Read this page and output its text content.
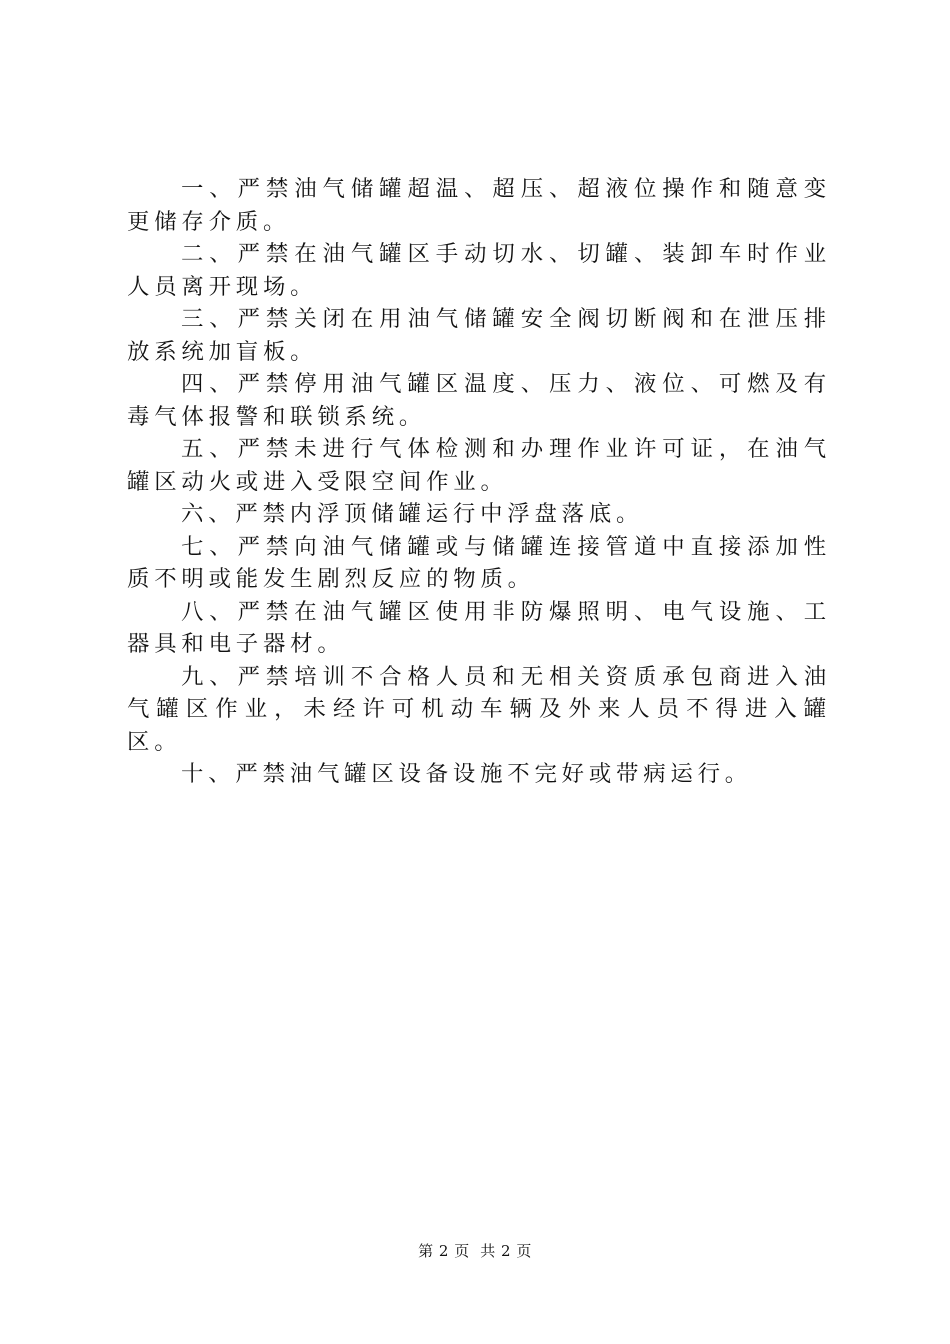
一、严禁油气储罐超温、超压、超液位操作和随意变更储存介质。

二、严禁在油气罐区手动切水、切罐、装卸车时作业人员离开现场。

三、严禁关闭在用油气储罐安全阀切断阀和在泄压排放系统加盲板。

四、严禁停用油气罐区温度、压力、液位、可燃及有毒气体报警和联锁系统。

五、严禁未进行气体检测和办理作业许可证，在油气罐区动火或进入受限空间作业。

六、严禁内浮顶储罐运行中浮盘落底。

七、严禁向油气储罐或与储罐连接管道中直接添加性质不明或能发生剧烈反应的物质。

八、严禁在油气罐区使用非防爆照明、电气设施、工器具和电子器材。

九、严禁培训不合格人员和无相关资质承包商进入油气罐区作业，未经许可机动车辆及外来人员不得进入罐区。

十、严禁油气罐区设备设施不完好或带病运行。

第 2 页  共 2 页
